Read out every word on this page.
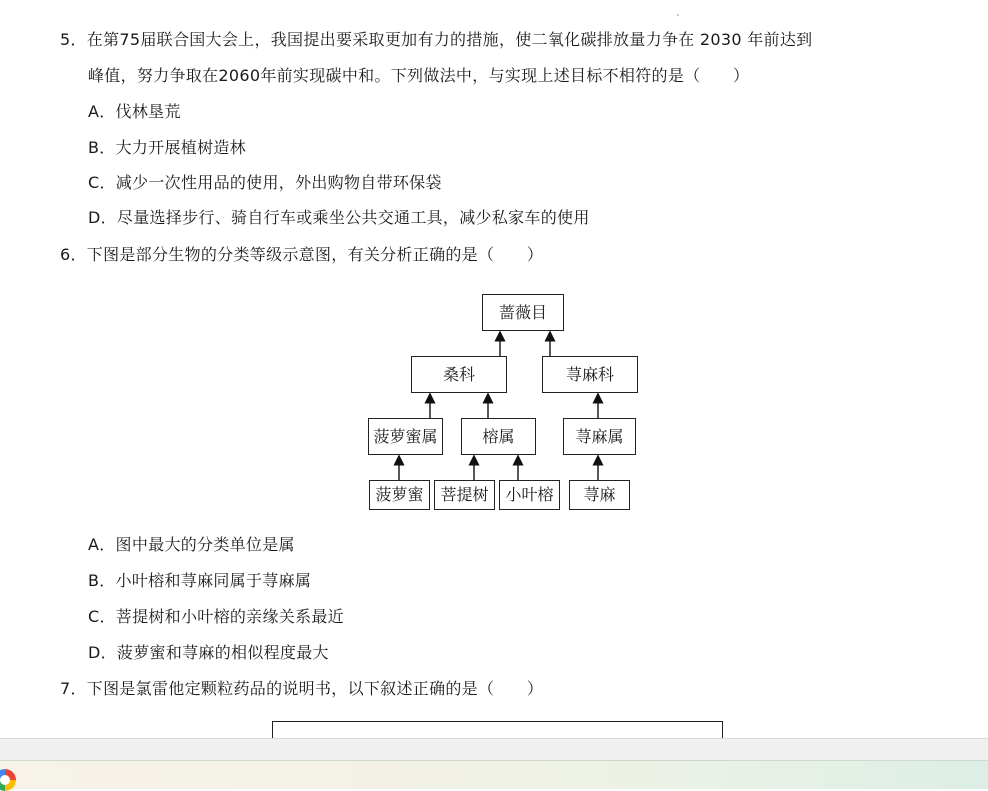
5．在第75届联合国大会上，我国提出要采取更加有力的措施，使二氧化碳排放量力争在 2030 年前达到
峰值，努力争取在2060年前实现碳中和。下列做法中，与实现上述目标不相符的是（　　）
A．伐林垦荒
B．大力开展植树造林
C．减少一次性用品的使用，外出购物自带环保袋
D．尽量选择步行、骑自行车或乘坐公共交通工具，减少私家车的使用
6．下图是部分生物的分类等级示意图，有关分析正确的是（　　）
蔷薇目
桑科	荨麻科
菠萝蜜属	榕属	荨麻属
菠萝蜜	菩提树	小叶榕	荨麻
A．图中最大的分类单位是属
B．小叶榕和荨麻同属于荨麻属
C．菩提树和小叶榕的亲缘关系最近
D．菠萝蜜和荨麻的相似程度最大
7．下图是氯雷他定颗粒药品的说明书，以下叙述正确的是（　　）
